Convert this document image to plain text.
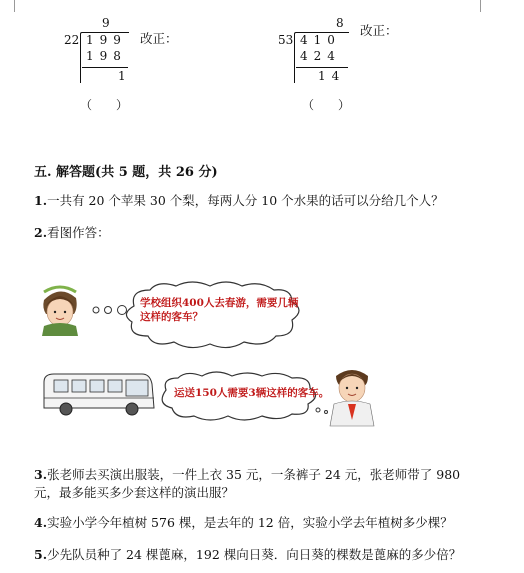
9
22 199
198
1
改正：
（　　）
8
53 410
424
14
改正：
（　　）
五. 解答题(共 5 题，共 26 分)
1.一共有 20 个苹果 30 个梨，每两人分 10 个水果的话可以分给几个人？
2.看图作答：
学校组织400人去春游，需要几辆
这样的客车？
运送150人需要3辆这样的客车。
3.张老师去买演出服装，一件上衣 35 元，一条裤子 24 元，张老师带了 980
元，最多能买多少套这样的演出服？
4.实验小学今年植树 576 棵，是去年的 12 倍，实验小学去年植树多少棵？
5.少先队员种了 24 棵蓖麻，192 棵向日葵．向日葵的棵数是蓖麻的多少倍？
